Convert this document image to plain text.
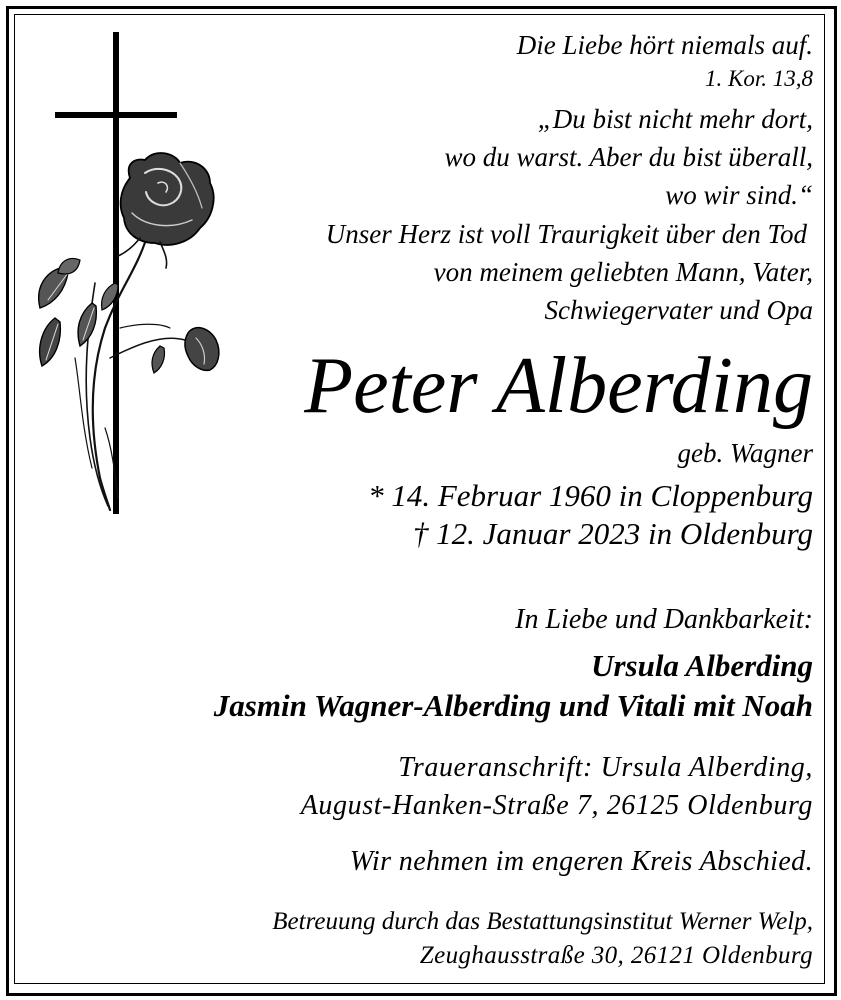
Die Liebe hört niemals auf.
1. Kor. 13,8
„Du bist nicht mehr dort,
wo du warst. Aber du bist überall,
wo wir sind.“
Unser Herz ist voll Traurigkeit über den Tod
von meinem geliebten Mann, Vater,
Schwiegervater und Opa
Peter Alberding
geb. Wagner
* 14. Februar 1960 in Cloppenburg
† 12. Januar 2023 in Oldenburg
In Liebe und Dankbarkeit:
Ursula Alberding
Jasmin Wagner-Alberding und Vitali mit Noah
Traueranschrift: Ursula Alberding,
August-Hanken-Straße 7, 26125 Oldenburg
Wir nehmen im engeren Kreis Abschied.
Betreuung durch das Bestattungsinstitut Werner Welp,
Zeughausstraße 30, 26121 Oldenburg
